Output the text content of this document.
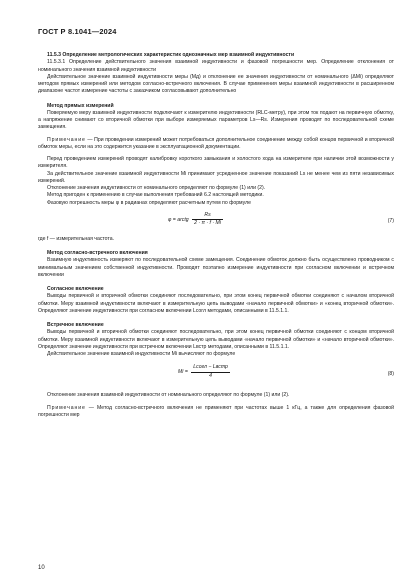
ГОСТ Р 8.1041—2024

11.5.3 Определение метрологических характеристик однозначных мер взаимной индуктивности

11.5.3.1 Определение действительного значения взаимной индуктивности и фазовой погрешности мер. Определение отклонения от номинального значения взаимной индуктивности

Действительное значение взаимной индуктивности меры (Mд) и отклонение ее значения индуктивности от номинального (ΔMi) определяют методом прямых измерений или методом согласно-встречного включения. В случае применения меры взаимной индуктивности в расширенном диапазоне частот измерение частоты с заказчиком согласовывают дополнительно

Метод прямых измерений

Поверяемую меру взаимной индуктивности подключают к измерителю индуктивности (RLC-метру), при этом ток подают на первичную обмотку, а напряжение снимают со вторичной обмотки при выборе измеряемых параметров Ls—Rs. Измерения проводят по последовательной схеме замещения.

Примечание — При проведении измерений может потребоваться дополнительное соединение между собой концов первичной и вторичной обмоток меры, если на это содержится указание в эксплуатационной документации.

Перед проведением измерений проводят калибровку короткого замыкания и холостого хода на измерителе при наличии этой возможности у измерителя.

За действительное значение взаимной индуктивности Mi принимают усредненное значение показаний Ls не менее чем из пяти независимых измерений.

Отклонение значения индуктивности от номинального определяют по формуле (1) или (2).

Метод пригоден к применению в случае выполнения требований 6.2 настоящей методики.

Фазовую погрешность меры φ в радианах определяют расчетным путем по формуле

φ = arctg $\frac{Rs}{2 \cdot \pi \cdot f \cdot Mi}$	(7)

где f — измерительная частота.

Метод согласно-встречного включения

Взаимную индуктивность измеряют по последовательной схеме замещения. Соединение обмоток должно быть осуществлено проводником с минимальным значением собственной индуктивности. Проводят поэтапно измерение индуктивности при согласном включении и встречном включении

Согласное включение

Выводы первичной и вторичной обмотки соединяют последовательно, при этом конец первичной обмотки соединяют с началом вторичной обмотки. Меру взаимной индуктивности включают в измерительную цепь выводами «начало первичной обмотки» и «конец вторичной обмотки». Определяют значение индуктивности при согласном включении Lсогл методами, описанными в 11.5.1.1.

Встречное включение

Выводы первичной и вторичной обмотки соединяют последовательно, при этом конец первичной обмотки соединяют с концом вторичной обмотки. Меру взаимной индуктивности включают в измерительную цепь выводами «начало первичной обмотки» и «начало вторичной обмотки». Определяют значение индуктивности при встречном включении Lвстр методами, описанными в 11.5.1.1.

Действительное значение взаимной индуктивности Mi вычисляют по формуле

$Mi = \frac{\text{Lсогл − Lвстр}}{4}$	(8)

Отклонение значения взаимной индуктивности от номинального определяют по формуле (1) или (2).

Примечание — Метод согласно-встречного включения не применяют при частотах выше 1 кГц, а также для определения фазовой погрешности мер

10
